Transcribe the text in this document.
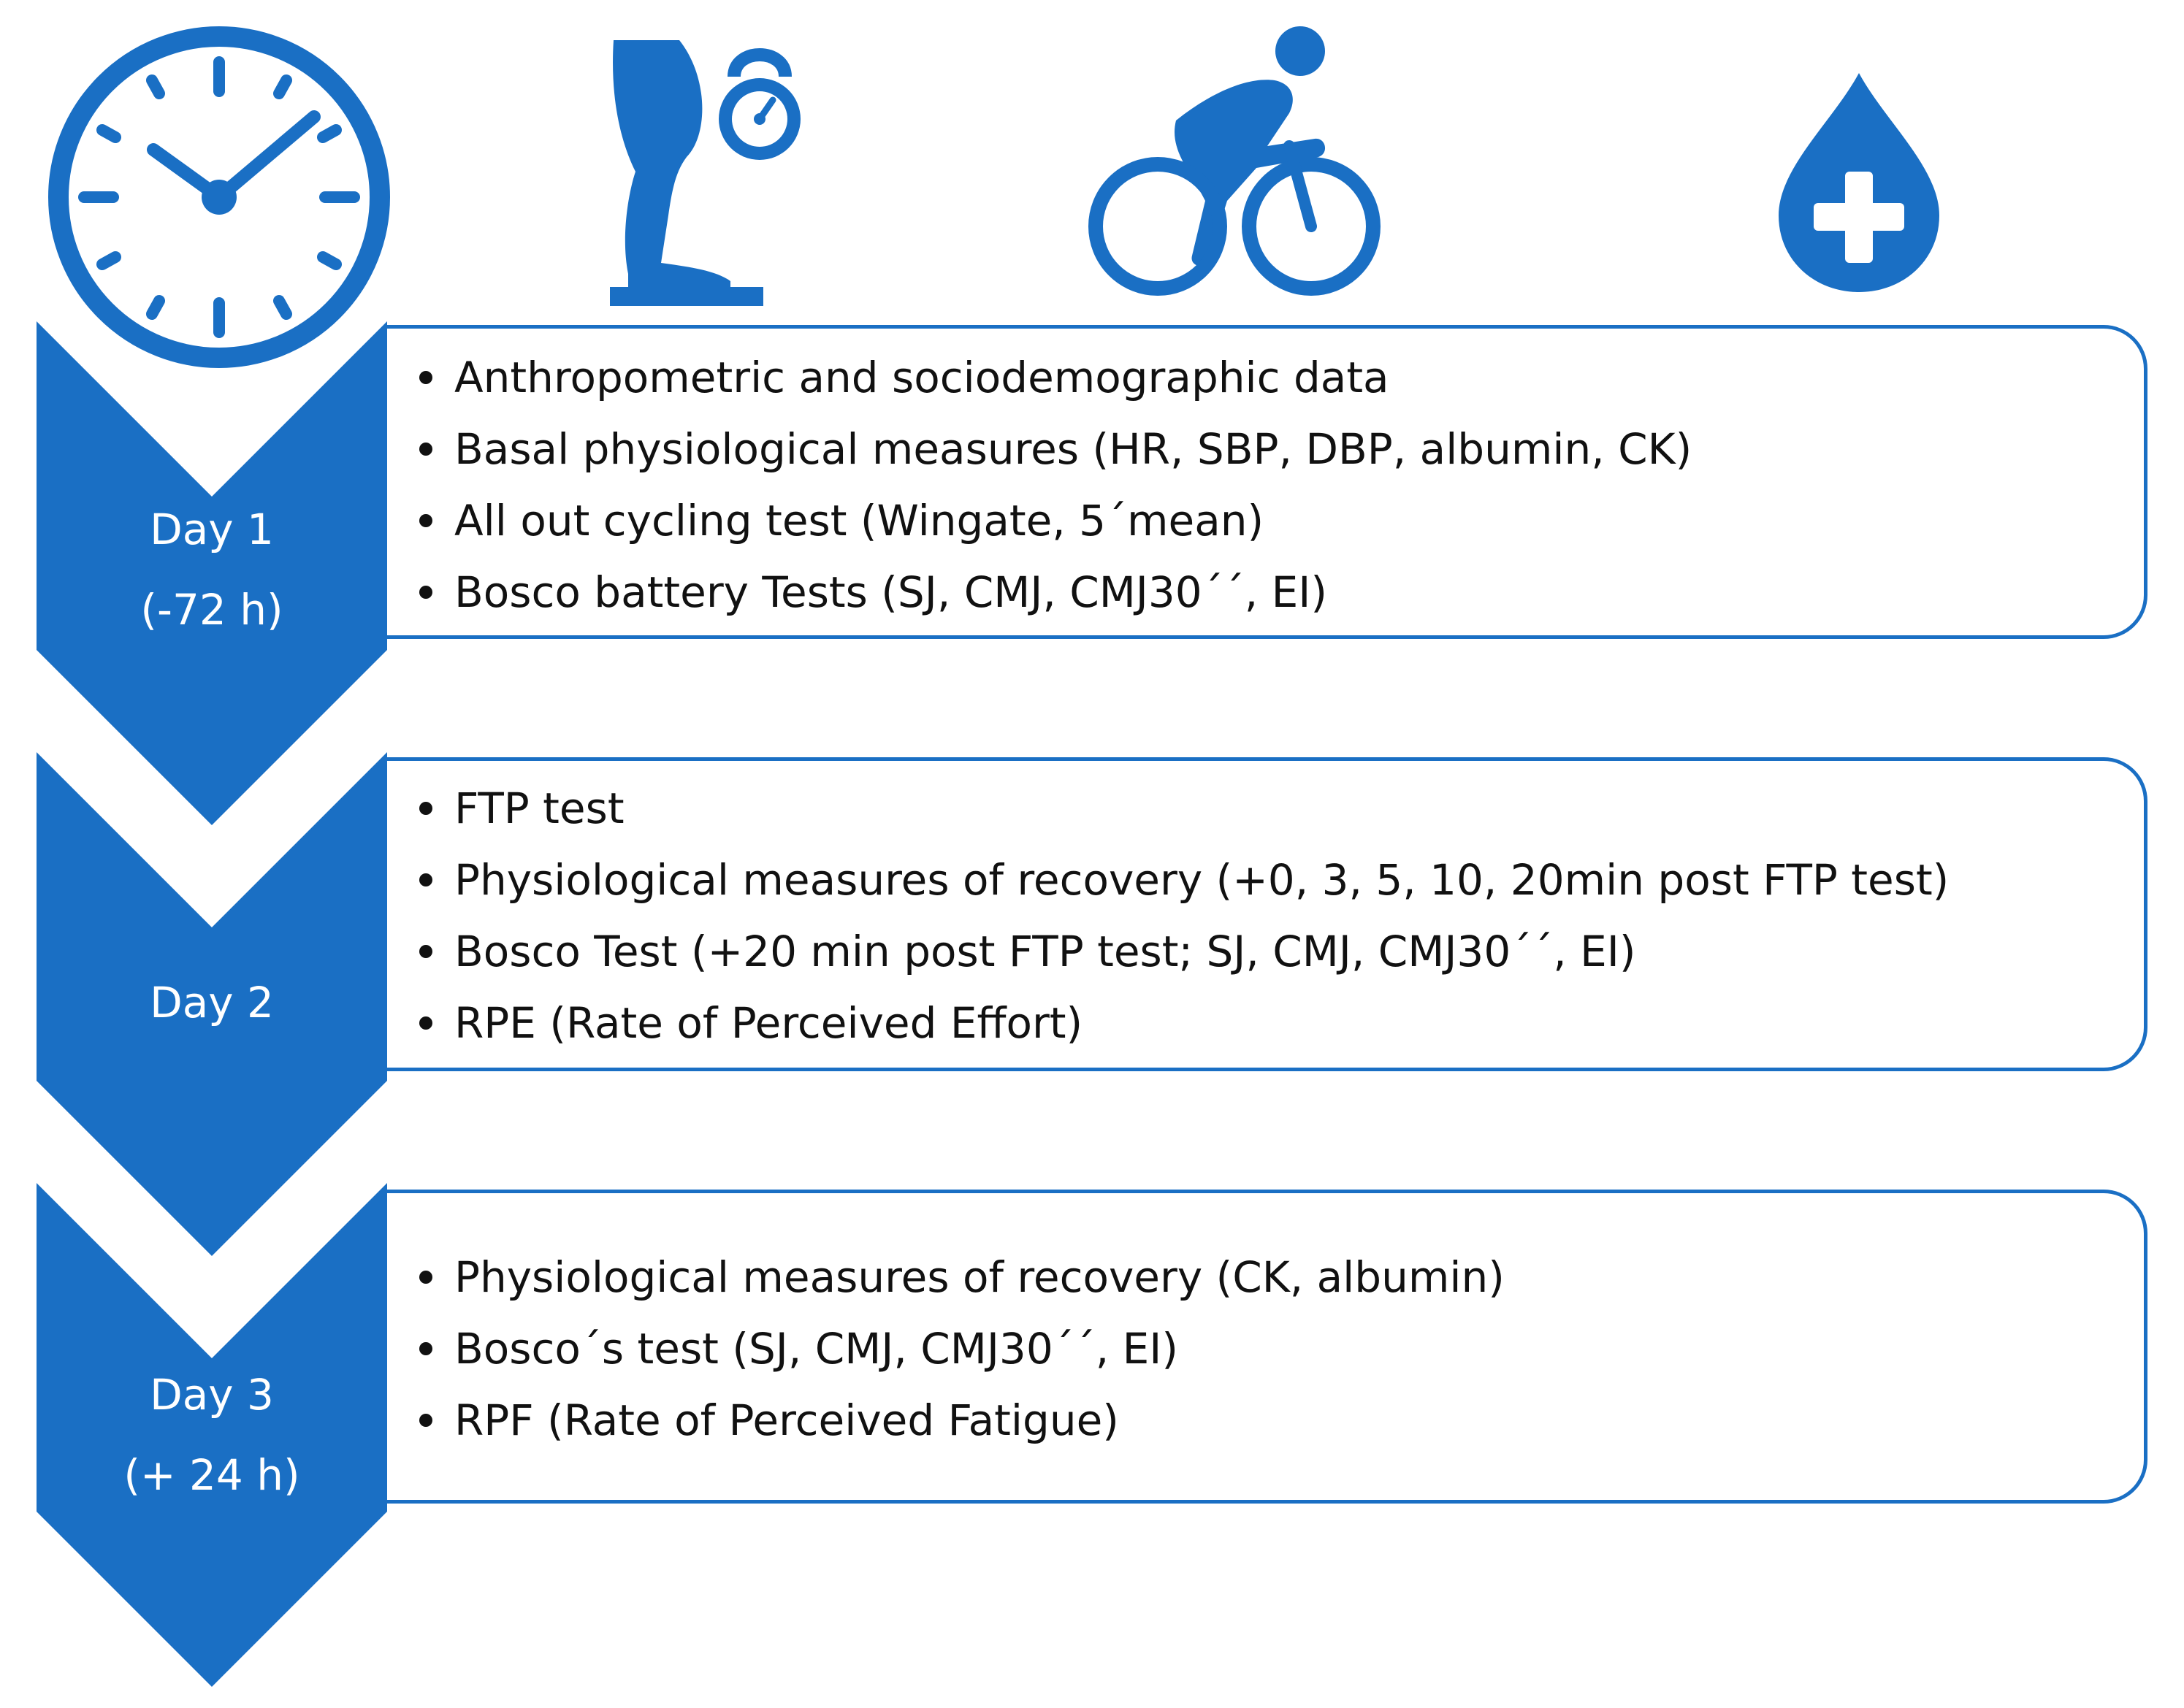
Day 1
(-72 h)
Anthropometric and sociodemographic data
Basal physiological measures (HR, SBP, DBP, albumin, CK)
All out cycling test (Wingate, 5´mean)
Bosco battery Tests (SJ, CMJ, CMJ30´´, EI)
Day 2
FTP test
Physiological measures of recovery (+0, 3, 5, 10, 20min post FTP test)
Bosco Test (+20 min post FTP test; SJ, CMJ, CMJ30´´, EI)
RPE (Rate of Perceived Effort)
Day 3
(+ 24 h)
Physiological measures of recovery (CK, albumin)
Bosco´s test (SJ, CMJ, CMJ30´´, EI)
RPF (Rate of Perceived Fatigue)
